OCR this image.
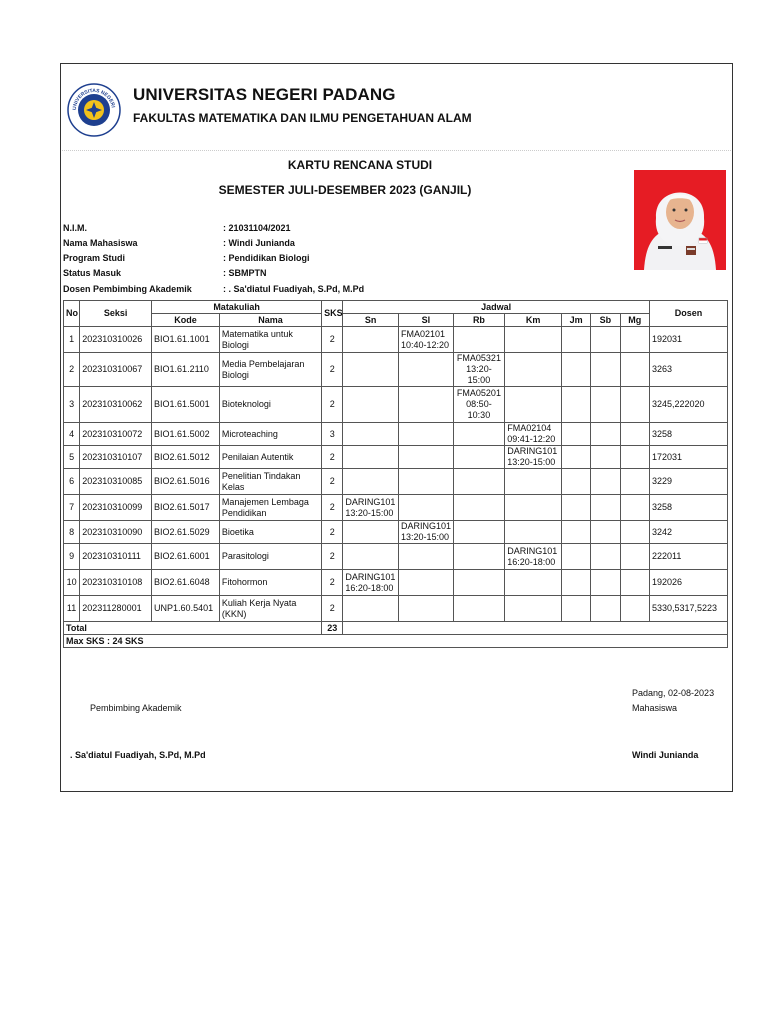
UNIVERSITAS NEGERI
UNIVERSITAS NEGERI PADANG
FAKULTAS MATEMATIKA DAN ILMU PENGETAHUAN ALAM
KARTU RENCANA STUDI
SEMESTER JULI-DESEMBER 2023 (GANJIL)
N.I.M.	: 21031104/2021
Nama Mahasiswa	: Windi Junianda
Program Studi	: Pendidikan Biologi
Status Masuk	: SBMPTN
Dosen Pembimbing Akademik	: . Sa'diatul Fuadiyah, S.Pd, M.Pd
No	Seksi	Matakuliah		SKS	Jadwal							Dosen
		Kode	Nama		Sn	Sl	Rb	Km	Jm	Sb	Mg	
1	202310310026	BIO1.61.1001	Matematika untuk Biologi	2		FMA02101 10:40-12:20						192031
2	202310310067	BIO1.61.2110	Media Pembelajaran Biologi	2			FMA05321 13:20- 15:00					3263
3	202310310062	BIO1.61.5001	Bioteknologi	2			FMA05201 08:50- 10:30					3245,222020
4	202310310072	BIO1.61.5002	Microteaching	3				FMA02104 09:41-12:20				3258
5	202310310107	BIO2.61.5012	Penilaian Autentik	2				DARING101 13:20-15:00				172031
6	202310310085	BIO2.61.5016	Penelitian Tindakan Kelas	2								3229
7	202310310099	BIO2.61.5017	Manajemen Lembaga Pendidikan	2	DARING101 13:20-15:00							3258
8	202310310090	BIO2.61.5029	Bioetika	2		DARING101 13:20-15:00						3242
9	202310310111	BIO2.61.6001	Parasitologi	2				DARING101 16:20-18:00				222011
10	202310310108	BIO2.61.6048	Fitohormon	2	DARING101 16:20-18:00							192026
11	202311280001	UNP1.60.5401	Kuliah Kerja Nyata (KKN)	2								5330,5317,5223
Total				23								
Max SKS : 24 SKS												
Padang, 02-08-2023
Pembimbing Akademik	Mahasiswa
. Sa'diatul Fuadiyah, S.Pd, M.Pd	Windi Junianda
